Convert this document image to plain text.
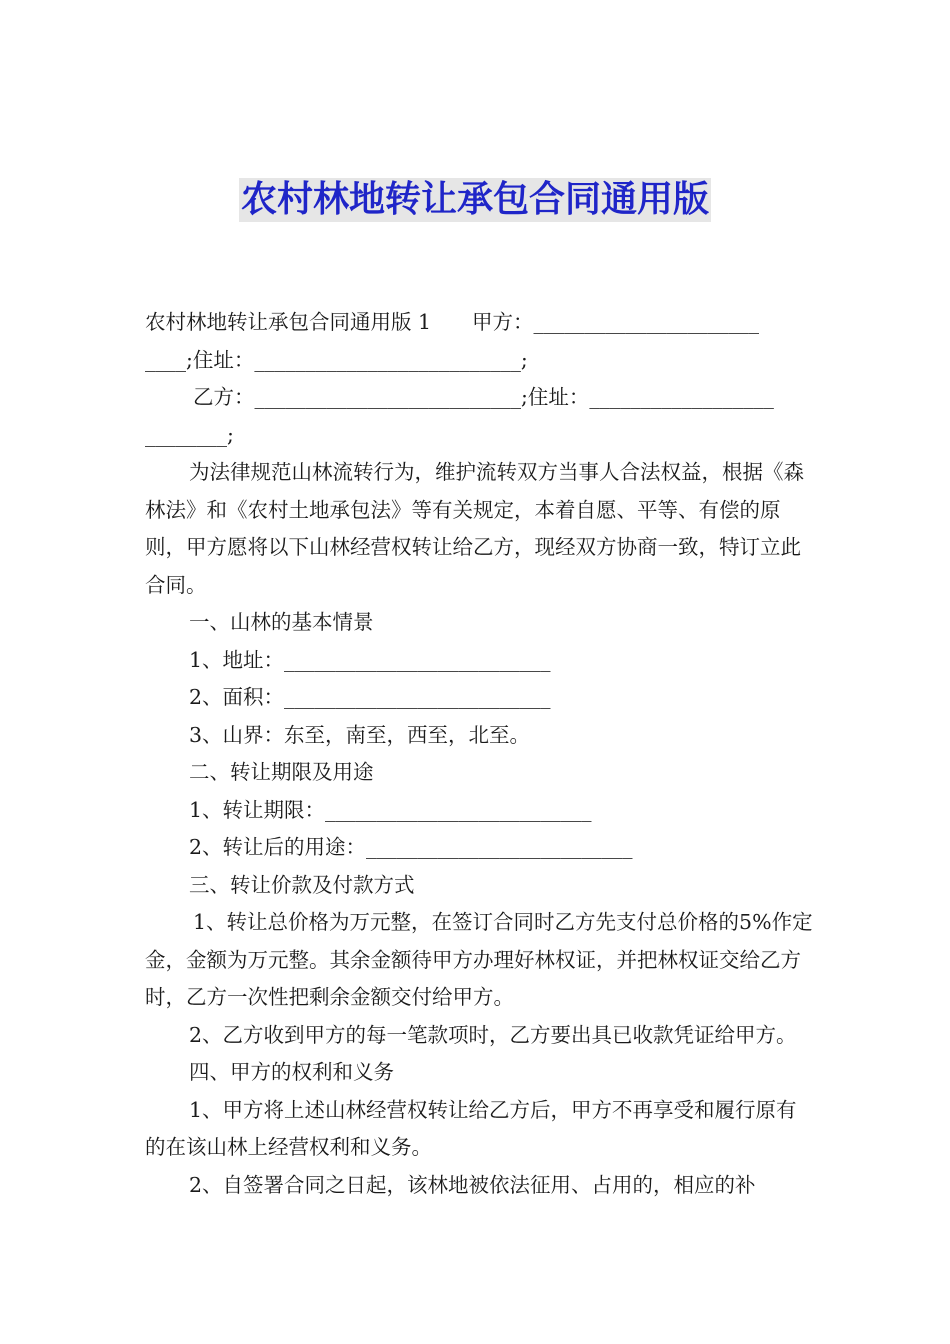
农村林地转让承包合同通用版

农村林地转让承包合同通用版 1　　甲方：______________________

____;住址：__________________________;

乙方：__________________________;住址：__________________

________;

为法律规范山林流转行为，维护流转双方当事人合法权益，根据《森林法》和《农村土地承包法》等有关规定，本着自愿、平等、有偿的原则，甲方愿将以下山林经营权转让给乙方，现经双方协商一致，特订立此合同。

一、山林的基本情景

1、地址：__________________________

2、面积：__________________________

3、山界：东至，南至，西至，北至。

二、转让期限及用途

1、转让期限：__________________________

2、转让后的用途：__________________________

三、转让价款及付款方式

1、转让总价格为万元整，在签订合同时乙方先支付总价格的5%作定金，金额为万元整。其余金额待甲方办理好林权证，并把林权证交给乙方时，乙方一次性把剩余金额交付给甲方。

2、乙方收到甲方的每一笔款项时，乙方要出具已收款凭证给甲方。

四、甲方的权利和义务

1、甲方将上述山林经营权转让给乙方后，甲方不再享受和履行原有的在该山林上经营权利和义务。

2、自签署合同之日起，该林地被依法征用、占用的，相应的补
